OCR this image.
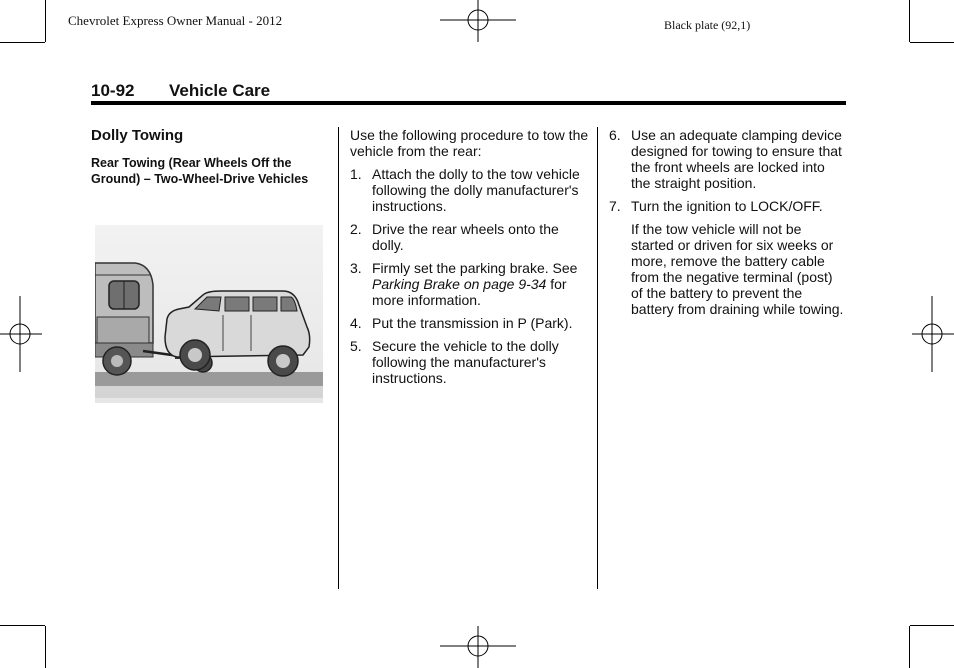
Chevrolet Express Owner Manual - 2012	Black plate (92,1)
10-92 Vehicle Care
Dolly Towing
Rear Towing (Rear Wheels Off the Ground) – Two-Wheel-Drive Vehicles

Use the following procedure to tow the vehicle from the rear:

1. Attach the dolly to the tow vehicle following the dolly manufacturer's instructions.
2. Drive the rear wheels onto the dolly.
3. Firmly set the parking brake. See Parking Brake on page 9-34 for more information.
4. Put the transmission in P (Park).
5. Secure the vehicle to the dolly following the manufacturer's instructions.
6. Use an adequate clamping device designed for towing to ensure that the front wheels are locked into the straight position.
7. Turn the ignition to LOCK/OFF.

If the tow vehicle will not be started or driven for six weeks or more, remove the battery cable from the negative terminal (post) of the battery to prevent the battery from draining while towing.
